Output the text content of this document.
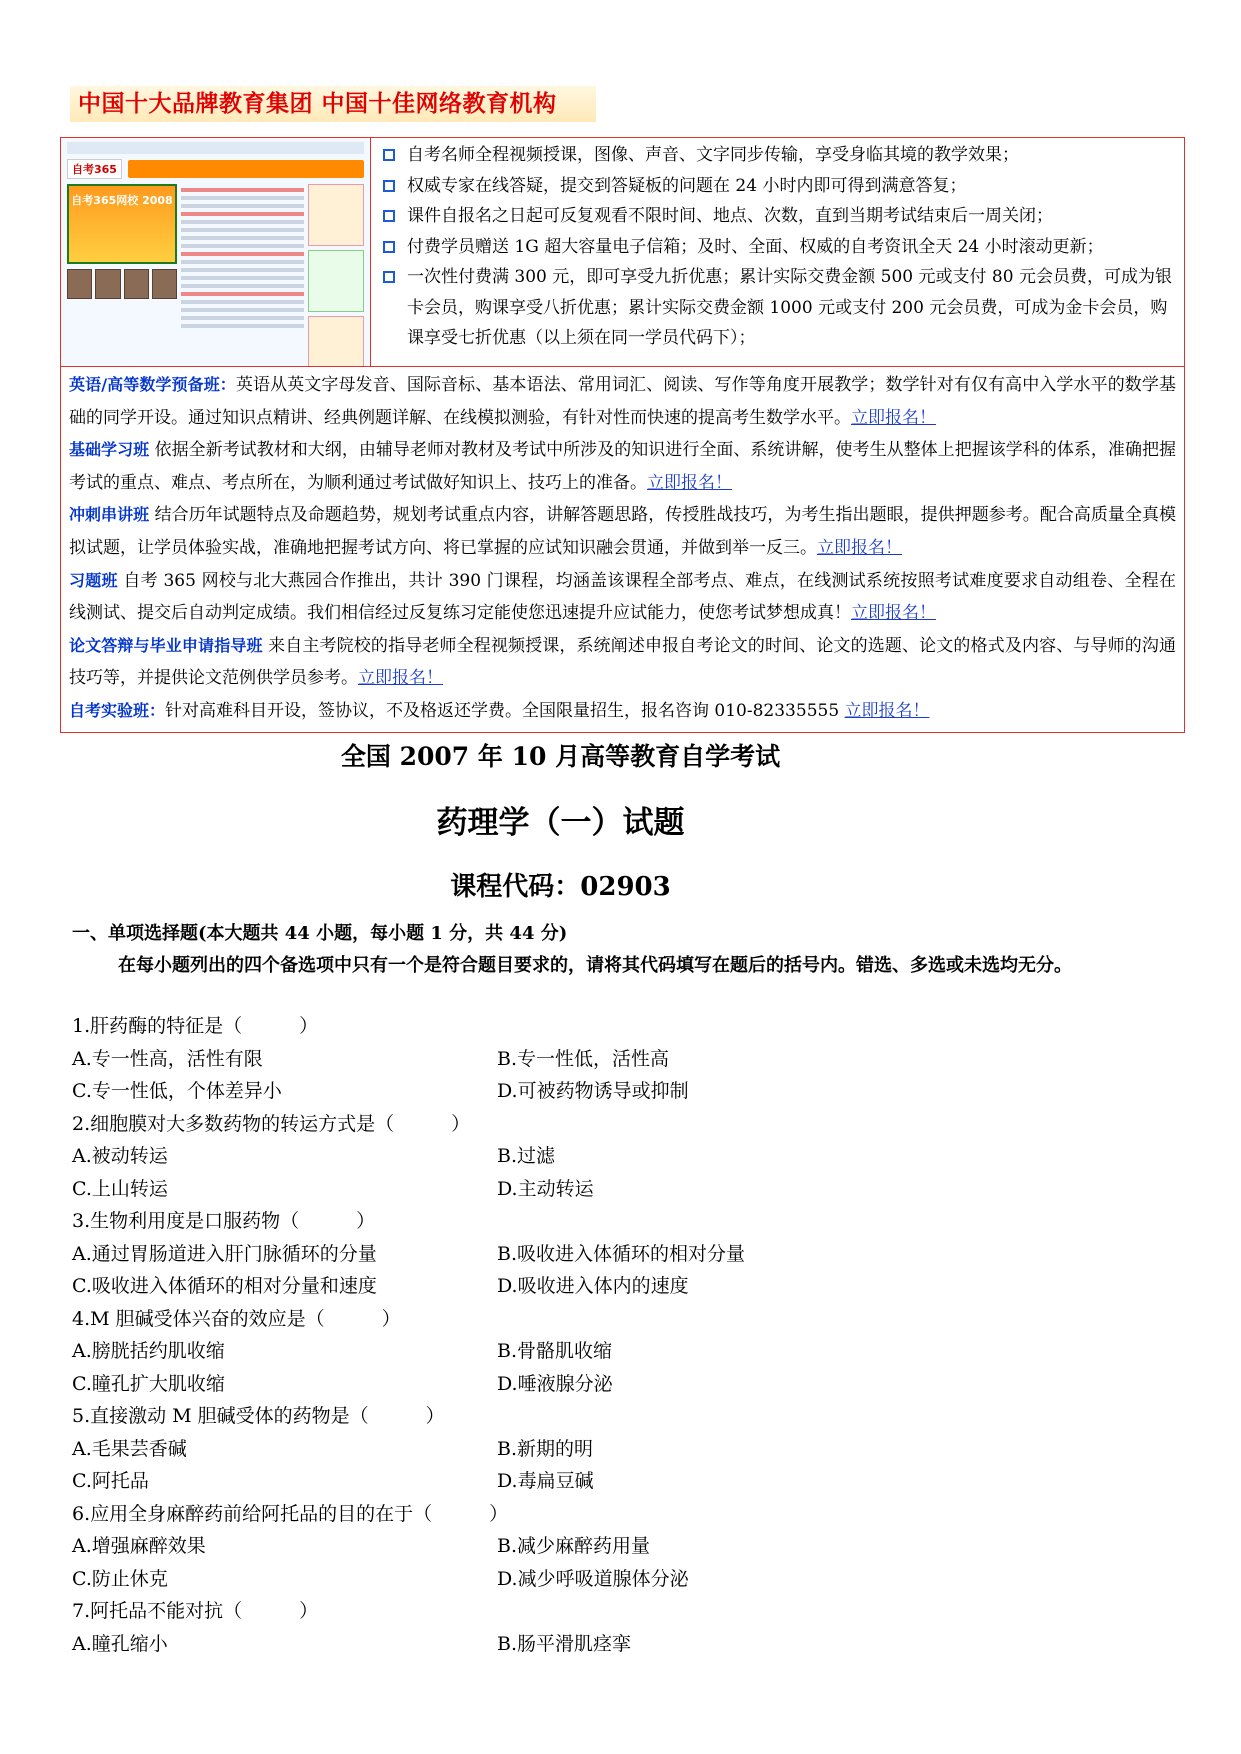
中国十大品牌教育集团 中国十佳网络教育机构
自考365
自考365网校 2008
自考名师全程视频授课，图像、声音、文字同步传输，享受身临其境的教学效果；
权威专家在线答疑，提交到答疑板的问题在 24 小时内即可得到满意答复；
课件自报名之日起可反复观看不限时间、地点、次数，直到当期考试结束后一周关闭；
付费学员赠送 1G 超大容量电子信箱；及时、全面、权威的自考资讯全天 24 小时滚动更新；
一次性付费满 300 元，即可享受九折优惠；累计实际交费金额 500 元或支付 80 元会员费，可成为银卡会员，购课享受八折优惠；累计实际交费金额 1000 元或支付 200 元会员费，可成为金卡会员，购课享受七折优惠（以上须在同一学员代码下）；
英语/高等数学预备班：英语从英文字母发音、国际音标、基本语法、常用词汇、阅读、写作等角度开展教学；数学针对有仅有高中入学水平的数学基础的同学开设。通过知识点精讲、经典例题详解、在线模拟测验，有针对性而快速的提高考生数学水平。立即报名！
基础学习班 依据全新考试教材和大纲，由辅导老师对教材及考试中所涉及的知识进行全面、系统讲解，使考生从整体上把握该学科的体系，准确把握考试的重点、难点、考点所在，为顺利通过考试做好知识上、技巧上的准备。立即报名！
冲刺串讲班 结合历年试题特点及命题趋势，规划考试重点内容，讲解答题思路，传授胜战技巧，为考生指出题眼，提供押题参考。配合高质量全真模拟试题，让学员体验实战，准确地把握考试方向、将已掌握的应试知识融会贯通，并做到举一反三。立即报名！
习题班 自考 365 网校与北大燕园合作推出，共计 390 门课程，均涵盖该课程全部考点、难点，在线测试系统按照考试难度要求自动组卷、全程在线测试、提交后自动判定成绩。我们相信经过反复练习定能使您迅速提升应试能力，使您考试梦想成真！立即报名！
论文答辩与毕业申请指导班 来自主考院校的指导老师全程视频授课，系统阐述申报自考论文的时间、论文的选题、论文的格式及内容、与导师的沟通技巧等，并提供论文范例供学员参考。立即报名！
自考实验班：针对高难科目开设，签协议，不及格返还学费。全国限量招生，报名咨询 010-82335555 立即报名！
全国 2007 年 10 月高等教育自学考试
药理学（一）试题
课程代码：02903
一、单项选择题(本大题共 44 小题，每小题 1 分，共 44 分)
在每小题列出的四个备选项中只有一个是符合题目要求的，请将其代码填写在题后的括号内。错选、多选或未选均无分。
1.肝药酶的特征是（　　　）
A.专一性高，活性有限	B.专一性低，活性高
C.专一性低，个体差异小	D.可被药物诱导或抑制
2.细胞膜对大多数药物的转运方式是（　　　）
A.被动转运	B.过滤
C.上山转运	D.主动转运
3.生物利用度是口服药物（　　　）
A.通过胃肠道进入肝门脉循环的分量	B.吸收进入体循环的相对分量
C.吸收进入体循环的相对分量和速度	D.吸收进入体内的速度
4.M 胆碱受体兴奋的效应是（　　　）
A.膀胱括约肌收缩	B.骨骼肌收缩
C.瞳孔扩大肌收缩	D.唾液腺分泌
5.直接激动 M 胆碱受体的药物是（　　　）
A.毛果芸香碱	B.新期的明
C.阿托品	D.毒扁豆碱
6.应用全身麻醉药前给阿托品的目的在于（　　　）
A.增强麻醉效果	B.减少麻醉药用量
C.防止休克	D.减少呼吸道腺体分泌
7.阿托品不能对抗（　　　）
A.瞳孔缩小	B.肠平滑肌痉挛
